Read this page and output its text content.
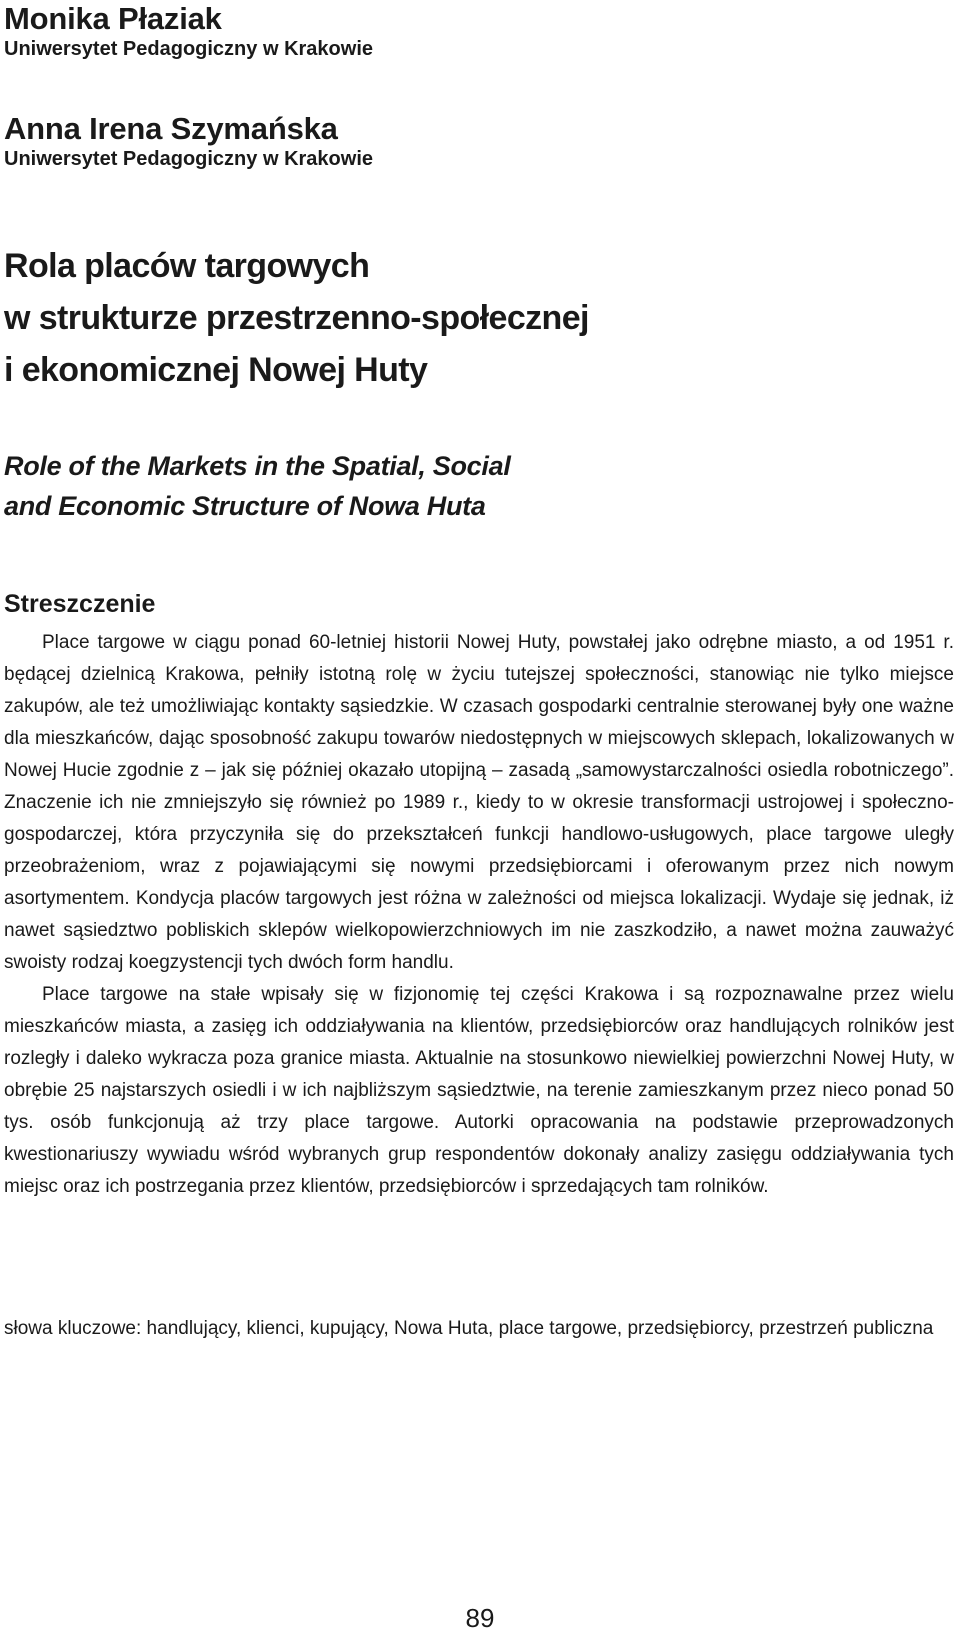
Monika Płaziak

Uniwersytet Pedagogiczny w Krakowie

Anna Irena Szymańska

Uniwersytet Pedagogiczny w Krakowie

Rola placów targowych
w strukturze przestrzenno-społecznej
i ekonomicznej Nowej Huty
Role of the Markets in the Spatial, Social
and Economic Structure of Nowa Huta
Streszczenie

Place targowe w ciągu ponad 60-letniej historii Nowej Huty, powstałej jako odrębne miasto, a od 1951 r. będącej dzielnicą Krakowa, pełniły istotną rolę w życiu tutejszej społeczności, stanowiąc nie tylko miejsce zakupów, ale też umożliwiając kontakty sąsiedzkie. W czasach gospodarki centralnie sterowanej były one ważne dla mieszkańców, dając sposobność zakupu towarów niedostępnych w miejscowych sklepach, lokalizowanych w Nowej Hucie zgodnie z – jak się później okazało utopijną – zasadą „samowystarczalności osiedla robotniczego”. Znaczenie ich nie zmniejszyło się również po 1989 r., kiedy to w okresie transformacji ustrojowej i społeczno-gospodarczej, która przyczyniła się do przekształceń funkcji handlowo-usługowych, place targowe uległy przeobrażeniom, wraz z pojawiającymi się nowymi przedsiębiorcami i oferowanym przez nich nowym asortymentem. Kondycja placów targowych jest różna w zależności od miejsca lokalizacji. Wydaje się jednak, iż nawet sąsiedztwo pobliskich sklepów wielkopowierzchniowych im nie zaszkodziło, a nawet można zauważyć swoisty rodzaj koegzystencji tych dwóch form handlu.

Place targowe na stałe wpisały się w fizjonomię tej części Krakowa i są rozpoznawalne przez wielu mieszkańców miasta, a zasięg ich oddziaływania na klientów, przedsiębiorców oraz handlujących rolników jest rozległy i daleko wykracza poza granice miasta. Aktualnie na stosunkowo niewielkiej powierzchni Nowej Huty, w obrębie 25 najstarszych osiedli i w ich najbliższym sąsiedztwie, na terenie zamieszkanym przez nieco ponad 50 tys. osób funkcjonują aż trzy place targowe. Autorki opracowania na podstawie przeprowadzonych kwestionariuszy wywiadu wśród wybranych grup respondentów dokonały analizy zasięgu oddziaływania tych miejsc oraz ich postrzegania przez klientów, przedsiębiorców i sprzedających tam rolników.

słowa kluczowe: handlujący, klienci, kupujący, Nowa Huta, place targowe, przedsiębiorcy, przestrzeń publiczna

89
